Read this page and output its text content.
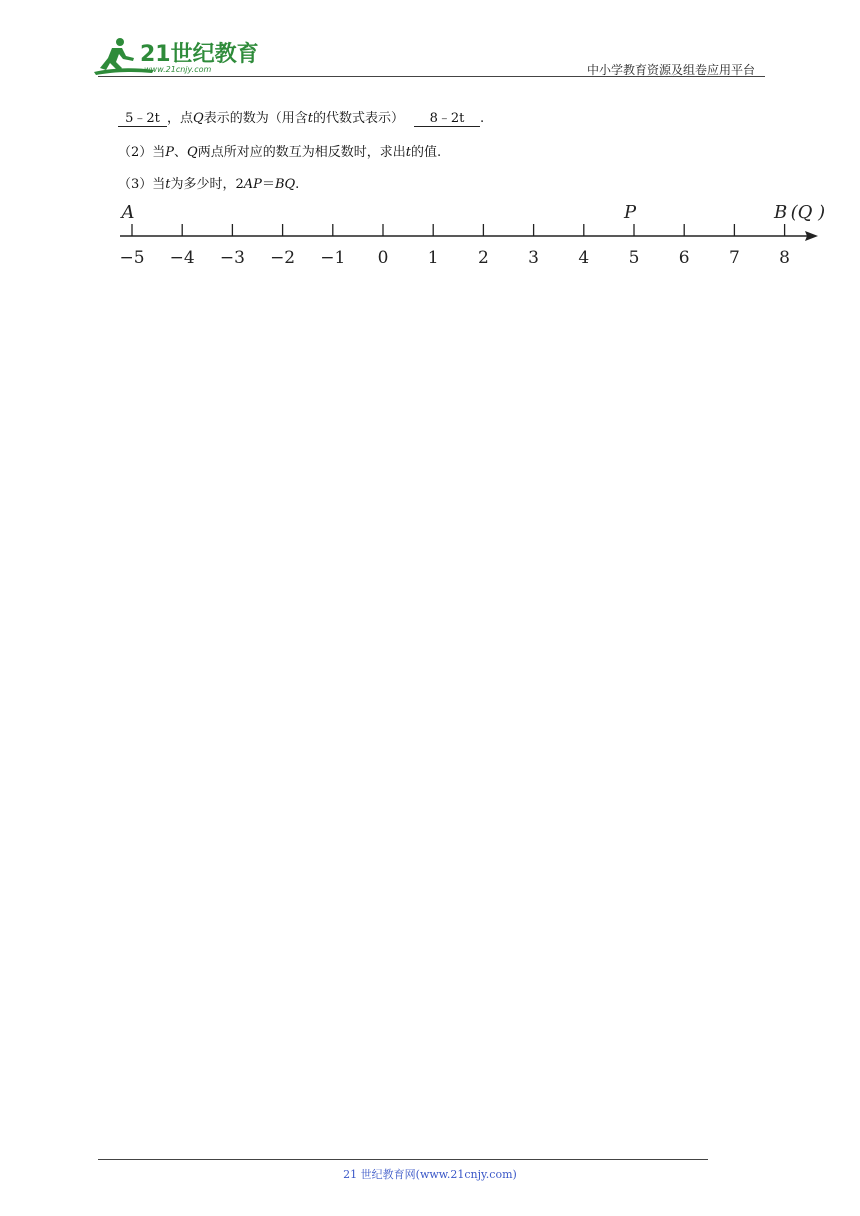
21世纪教育
www.21cnjy.com	中小学教育资源及组卷应用平台
5﹣2t ，点Q表示的数为（用含t的代数式表示） 8﹣2t .
（2）当P、Q两点所对应的数互为相反数时，求出t的值.
（3）当t为多少时，2AP＝BQ.
−5 −4 −3 −2 −1 0 1 2 3 4 5 6 7 8
A	P	B (Q )
21 世纪教育网(www.21cnjy.com)
